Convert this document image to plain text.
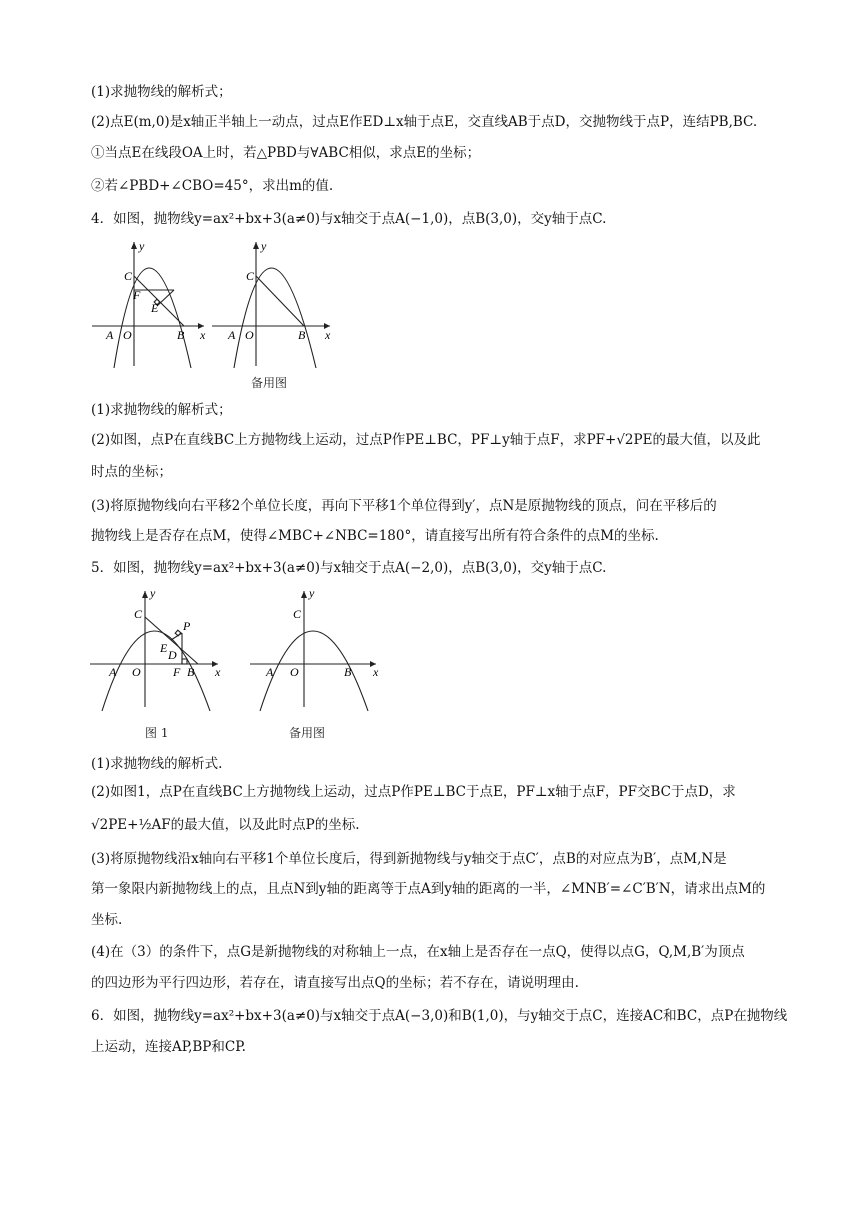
(1)求抛物线的解析式；
(2)点E(m,0)是x轴正半轴上一动点，过点E作ED⊥x轴于点E，交直线AB于点D，交抛物线于点P，连结PB,BC.
①当点E在线段OA上时，若△PBD与∀ABC相似，求点E的坐标；
②若∠PBD+∠CBO=45°，求出m的值.
4．如图，抛物线y=ax²+bx+3(a≠0)与x轴交于点A(−1,0)，点B(3,0)，交y轴于点C.
y
C
F
E
A O	B x
y
C
A O	B x
备用图
(1)求抛物线的解析式；
(2)如图，点P在直线BC上方抛物线上运动，过点P作PE⊥BC，PF⊥y轴于点F，求PF+√2PE的最大值，以及此
时点的坐标；
(3)将原抛物线向右平移2个单位长度，再向下平移1个单位得到y′，点N是原抛物线的顶点，问在平移后的
抛物线上是否存在点M，使得∠MBC+∠NBC=180°，请直接写出所有符合条件的点M的坐标.
5．如图，抛物线y=ax²+bx+3(a≠0)与x轴交于点A(−2,0)，点B(3,0)，交y轴于点C.
y
C
P
E D
A O	F B x
y
C
A O	B x
图 1	备用图
(1)求抛物线的解析式.
(2)如图1，点P在直线BC上方抛物线上运动，过点P作PE⊥BC于点E，PF⊥x轴于点F，PF交BC于点D，求
√2PE+½AF的最大值，以及此时点P的坐标.
(3)将原抛物线沿x轴向右平移1个单位长度后，得到新抛物线与y轴交于点C′，点B的对应点为B′，点M,N是
第一象限内新抛物线上的点，且点N到y轴的距离等于点A到y轴的距离的一半，∠MNB′=∠C′B′N，请求出点M的
坐标.
(4)在（3）的条件下，点G是新抛物线的对称轴上一点，在x轴上是否存在一点Q，使得以点G，Q,M,B′为顶点
的四边形为平行四边形，若存在，请直接写出点Q的坐标；若不存在，请说明理由.
6．如图，抛物线y=ax²+bx+3(a≠0)与x轴交于点A(−3,0)和B(1,0)，与y轴交于点C，连接AC和BC，点P在抛物线
上运动，连接AP,BP和CP.
